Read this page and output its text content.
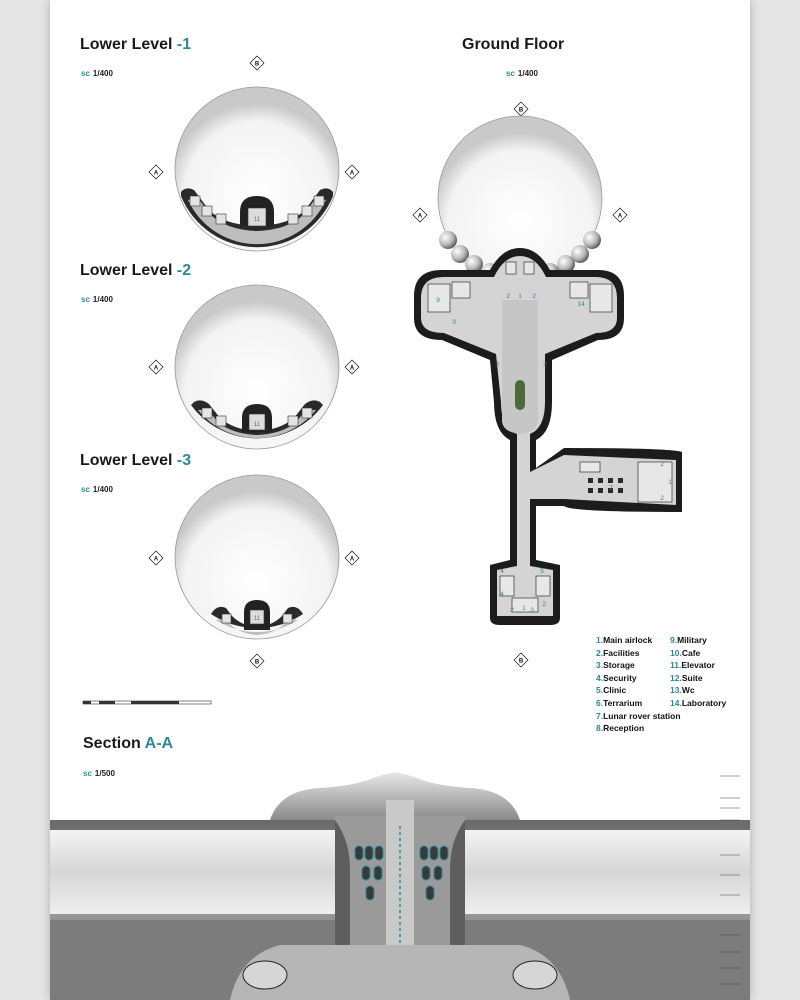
Lower Level -1
sc 1/400
Lower Level -2
sc 1/400
Lower Level -3
sc 1/400
Ground Floor
sc 1/400
Section A-A
sc 1/500
11
11
11
B
A	A
A	A
A	A
B
B
A	A
B
9
3
2 1 2
14
3	2
7
2
1
2
4	5
4
1
2
3
2
1.Main airlock
2.Facilities
3.Storage
4.Security
5.Clinic
6.Terrarium
7.Lunar rover station
8.Reception
9.Military
10.Cafe
11.Elevator
12.Suite
13.Wc
14.Laboratory
